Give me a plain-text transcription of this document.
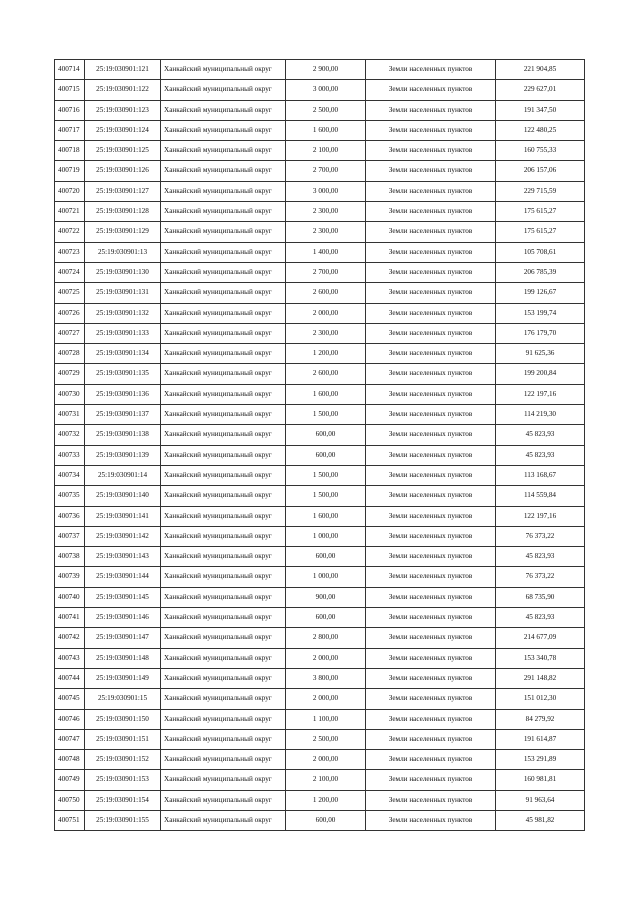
400714	25:19:030901:121	Ханкайский муниципальный округ	2 900,00	Земли населенных пунктов	221 904,85
400715	25:19:030901:122	Ханкайский муниципальный округ	3 000,00	Земли населенных пунктов	229 627,01
400716	25:19:030901:123	Ханкайский муниципальный округ	2 500,00	Земли населенных пунктов	191 347,50
400717	25:19:030901:124	Ханкайский муниципальный округ	1 600,00	Земли населенных пунктов	122 480,25
400718	25:19:030901:125	Ханкайский муниципальный округ	2 100,00	Земли населенных пунктов	160 755,33
400719	25:19:030901:126	Ханкайский муниципальный округ	2 700,00	Земли населенных пунктов	206 157,06
400720	25:19:030901:127	Ханкайский муниципальный округ	3 000,00	Земли населенных пунктов	229 715,59
400721	25:19:030901:128	Ханкайский муниципальный округ	2 300,00	Земли населенных пунктов	175 615,27
400722	25:19:030901:129	Ханкайский муниципальный округ	2 300,00	Земли населенных пунктов	175 615,27
400723	25:19:030901:13	Ханкайский муниципальный округ	1 400,00	Земли населенных пунктов	105 708,61
400724	25:19:030901:130	Ханкайский муниципальный округ	2 700,00	Земли населенных пунктов	206 785,39
400725	25:19:030901:131	Ханкайский муниципальный округ	2 600,00	Земли населенных пунктов	199 126,67
400726	25:19:030901:132	Ханкайский муниципальный округ	2 000,00	Земли населенных пунктов	153 199,74
400727	25:19:030901:133	Ханкайский муниципальный округ	2 300,00	Земли населенных пунктов	176 179,70
400728	25:19:030901:134	Ханкайский муниципальный округ	1 200,00	Земли населенных пунктов	91 625,36
400729	25:19:030901:135	Ханкайский муниципальный округ	2 600,00	Земли населенных пунктов	199 200,84
400730	25:19:030901:136	Ханкайский муниципальный округ	1 600,00	Земли населенных пунктов	122 197,16
400731	25:19:030901:137	Ханкайский муниципальный округ	1 500,00	Земли населенных пунктов	114 219,30
400732	25:19:030901:138	Ханкайский муниципальный округ	600,00	Земли населенных пунктов	45 823,93
400733	25:19:030901:139	Ханкайский муниципальный округ	600,00	Земли населенных пунктов	45 823,93
400734	25:19:030901:14	Ханкайский муниципальный округ	1 500,00	Земли населенных пунктов	113 168,67
400735	25:19:030901:140	Ханкайский муниципальный округ	1 500,00	Земли населенных пунктов	114 559,84
400736	25:19:030901:141	Ханкайский муниципальный округ	1 600,00	Земли населенных пунктов	122 197,16
400737	25:19:030901:142	Ханкайский муниципальный округ	1 000,00	Земли населенных пунктов	76 373,22
400738	25:19:030901:143	Ханкайский муниципальный округ	600,00	Земли населенных пунктов	45 823,93
400739	25:19:030901:144	Ханкайский муниципальный округ	1 000,00	Земли населенных пунктов	76 373,22
400740	25:19:030901:145	Ханкайский муниципальный округ	900,00	Земли населенных пунктов	68 735,90
400741	25:19:030901:146	Ханкайский муниципальный округ	600,00	Земли населенных пунктов	45 823,93
400742	25:19:030901:147	Ханкайский муниципальный округ	2 800,00	Земли населенных пунктов	214 677,09
400743	25:19:030901:148	Ханкайский муниципальный округ	2 000,00	Земли населенных пунктов	153 340,78
400744	25:19:030901:149	Ханкайский муниципальный округ	3 800,00	Земли населенных пунктов	291 148,82
400745	25:19:030901:15	Ханкайский муниципальный округ	2 000,00	Земли населенных пунктов	151 012,30
400746	25:19:030901:150	Ханкайский муниципальный округ	1 100,00	Земли населенных пунктов	84 279,92
400747	25:19:030901:151	Ханкайский муниципальный округ	2 500,00	Земли населенных пунктов	191 614,87
400748	25:19:030901:152	Ханкайский муниципальный округ	2 000,00	Земли населенных пунктов	153 291,89
400749	25:19:030901:153	Ханкайский муниципальный округ	2 100,00	Земли населенных пунктов	160 981,81
400750	25:19:030901:154	Ханкайский муниципальный округ	1 200,00	Земли населенных пунктов	91 963,64
400751	25:19:030901:155	Ханкайский муниципальный округ	600,00	Земли населенных пунктов	45 981,82
